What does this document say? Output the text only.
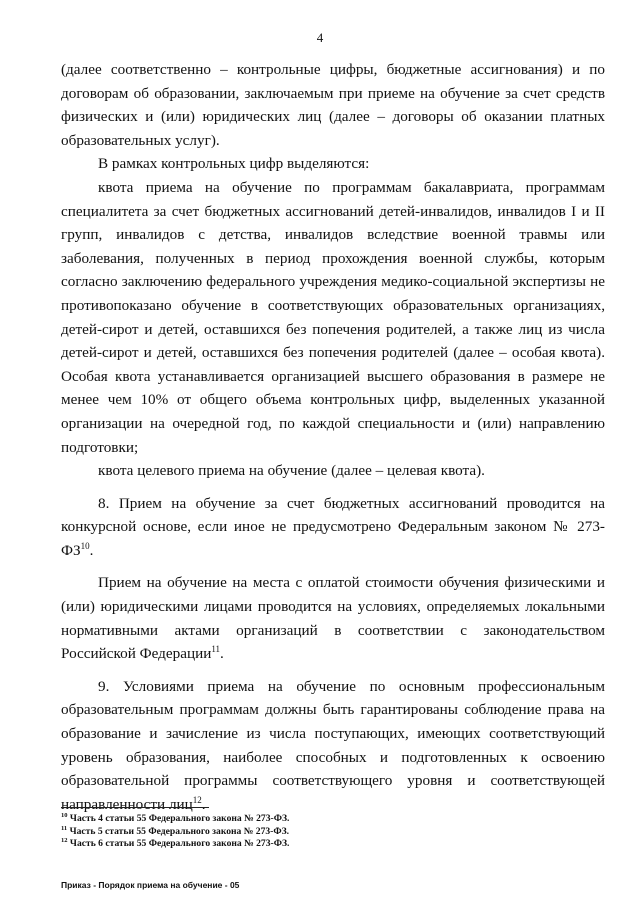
4

(далее соответственно – контрольные цифры, бюджетные ассигнования) и по договорам об образовании, заключаемым при приеме на обучение за счет средств физических и (или) юридических лиц (далее – договоры об оказании платных образовательных услуг).

В рамках контрольных цифр выделяются:

квота приема на обучение по программам бакалавриата, программам специалитета за счет бюджетных ассигнований детей-инвалидов, инвалидов I и II групп, инвалидов с детства, инвалидов вследствие военной травмы или заболевания, полученных в период прохождения военной службы, которым согласно заключению федерального учреждения медико-социальной экспертизы не противопоказано обучение в соответствующих образовательных организациях, детей-сирот и детей, оставшихся без попечения родителей, а также лиц из числа детей-сирот и детей, оставшихся без попечения родителей (далее – особая квота). Особая квота устанавливается организацией высшего образования в размере не менее чем 10% от общего объема контрольных цифр, выделенных указанной организации на очередной год, по каждой специальности и (или) направлению подготовки;

квота целевого приема на обучение (далее – целевая квота).

8. Прием на обучение за счет бюджетных ассигнований проводится на конкурсной основе, если иное не предусмотрено Федеральным законом № 273-ФЗ$^{10}$.

Прием на обучение на места с оплатой стоимости обучения физическими и (или) юридическими лицами проводится на условиях, определяемых локальными нормативными актами организаций в соответствии с законодательством Российской Федерации$^{11}$.

9. Условиями приема на обучение по основным профессиональным образовательным программам должны быть гарантированы соблюдение права на образование и зачисление из числа поступающих, имеющих соответствующий уровень образования, наиболее способных и подготовленных к освоению образовательной программы соответствующего уровня и соответствующей направленности лиц$^{12}$.

$^{10}$ Часть 4 статьи 55 Федерального закона № 273-ФЗ.
$^{11}$ Часть 5 статьи 55 Федерального закона № 273-ФЗ.
$^{12}$ Часть 6 статьи 55 Федерального закона № 273-ФЗ.
Приказ - Порядок приема на обучение - 05
